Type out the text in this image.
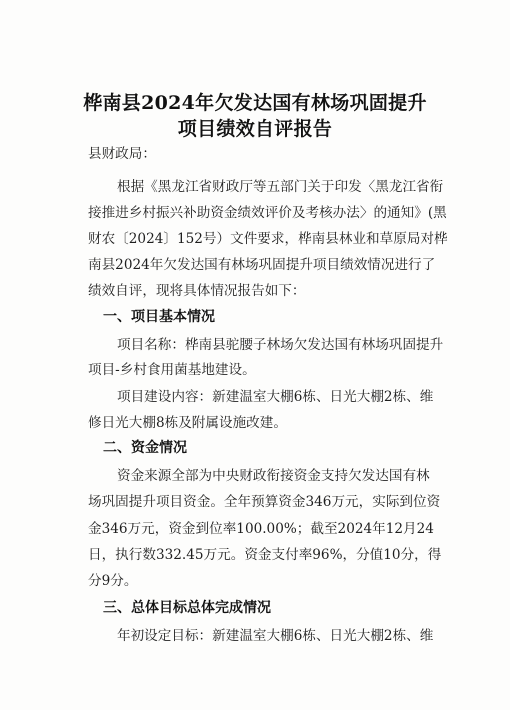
桦南县2024年欠发达国有林场巩固提升
项目绩效自评报告
县财政局：
根据《黑龙江省财政厅等五部门关于印发〈黑龙江省衔
接推进乡村振兴补助资金绩效评价及考核办法〉的通知》(黑
财农〔2024〕152号）文件要求，桦南县林业和草原局对桦
南县2024年欠发达国有林场巩固提升项目绩效情况进行了
绩效自评，现将具体情况报告如下：
一、项目基本情况
项目名称：桦南县驼腰子林场欠发达国有林场巩固提升
项目-乡村食用菌基地建设。
项目建设内容：新建温室大棚6栋、日光大棚2栋、维
修日光大棚8栋及附属设施改建。
二、资金情况
资金来源全部为中央财政衔接资金支持欠发达国有林
场巩固提升项目资金。全年预算资金346万元，实际到位资
金346万元，资金到位率100.00%；截至2024年12月24
日，执行数332.45万元。资金支付率96%，分值10分，得
分9分。
三、总体目标总体完成情况
年初设定目标：新建温室大棚6栋、日光大棚2栋、维
